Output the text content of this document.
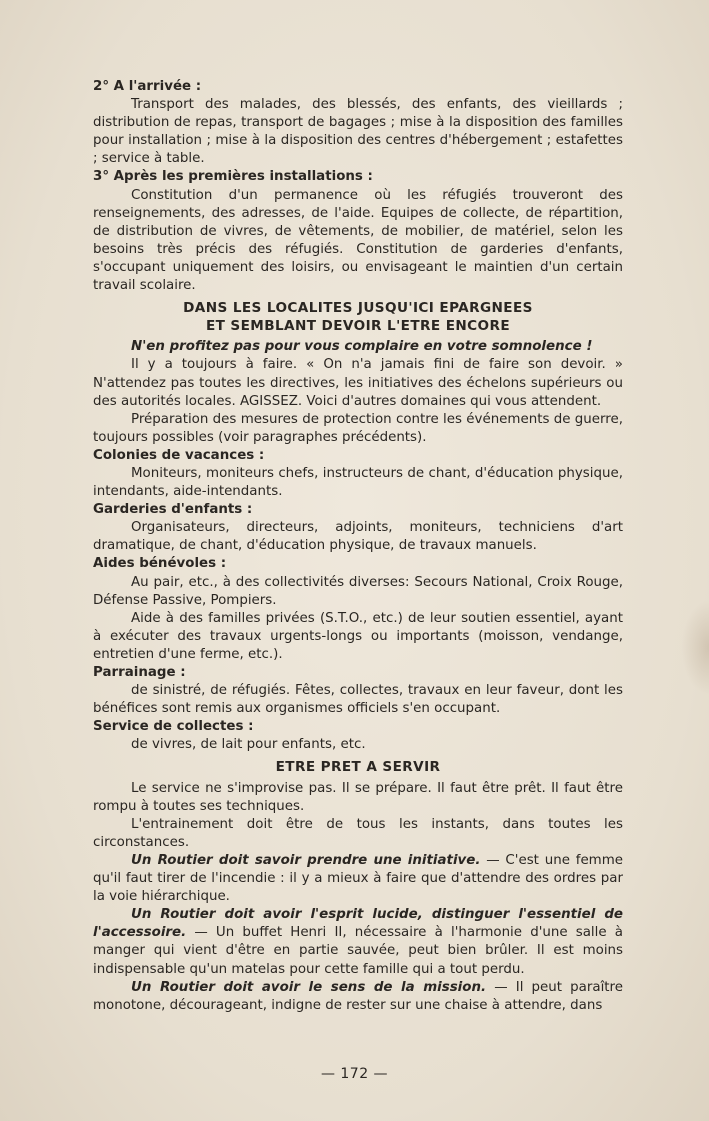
2° A l'arrivée :

Transport des malades, des blessés, des enfants, des vieillards ; distribution de repas, transport de bagages ; mise à la disposition des familles pour installation ; mise à la disposition des centres d'hébergement ; estafettes ; service à table.

3° Après les premières installations :

Constitution d'un permanence où les réfugiés trouveront des renseignements, des adresses, de l'aide. Equipes de collecte, de répartition, de distribution de vivres, de vêtements, de mobilier, de matériel, selon les besoins très précis des réfugiés. Constitution de garderies d'enfants, s'occupant uniquement des loisirs, ou envisageant le maintien d'un certain travail scolaire.

DANS LES LOCALITES JUSQU'ICI EPARGNEES
ET SEMBLANT DEVOIR L'ETRE ENCORE

N'en profitez pas pour vous complaire en votre somnolence !

Il y a toujours à faire. « On n'a jamais fini de faire son devoir. » N'attendez pas toutes les directives, les initiatives des échelons supérieurs ou des autorités locales. AGISSEZ. Voici d'autres domaines qui vous attendent.

Préparation des mesures de protection contre les événements de guerre, toujours possibles (voir paragraphes précédents).

Colonies de vacances :

Moniteurs, moniteurs chefs, instructeurs de chant, d'éducation physique, intendants, aide-intendants.

Garderies d'enfants :

Organisateurs, directeurs, adjoints, moniteurs, techniciens d'art dramatique, de chant, d'éducation physique, de travaux manuels.

Aides bénévoles :

Au pair, etc., à des collectivités diverses: Secours National, Croix Rouge, Défense Passive, Pompiers.

Aide à des familles privées (S.T.O., etc.) de leur soutien essentiel, ayant à exécuter des travaux urgents-longs ou importants (moisson, vendange, entretien d'une ferme, etc.).

Parrainage :

de sinistré, de réfugiés. Fêtes, collectes, travaux en leur faveur, dont les bénéfices sont remis aux organismes officiels s'en occupant.

Service de collectes :

de vivres, de lait pour enfants, etc.

ETRE PRET A SERVIR

Le service ne s'improvise pas. Il se prépare. Il faut être prêt. Il faut être rompu à toutes ses techniques.

L'entrainement doit être de tous les instants, dans toutes les circonstances.

Un Routier doit savoir prendre une initiative. — C'est une femme qu'il faut tirer de l'incendie : il y a mieux à faire que d'attendre des ordres par la voie hiérarchique.

Un Routier doit avoir l'esprit lucide, distinguer l'essentiel de l'accessoire. — Un buffet Henri II, nécessaire à l'harmonie d'une salle à manger qui vient d'être en partie sauvée, peut bien brûler. Il est moins indispensable qu'un matelas pour cette famille qui a tout perdu.

Un Routier doit avoir le sens de la mission. — Il peut paraître monotone, décourageant, indigne de rester sur une chaise à attendre, dans

— 172 —
